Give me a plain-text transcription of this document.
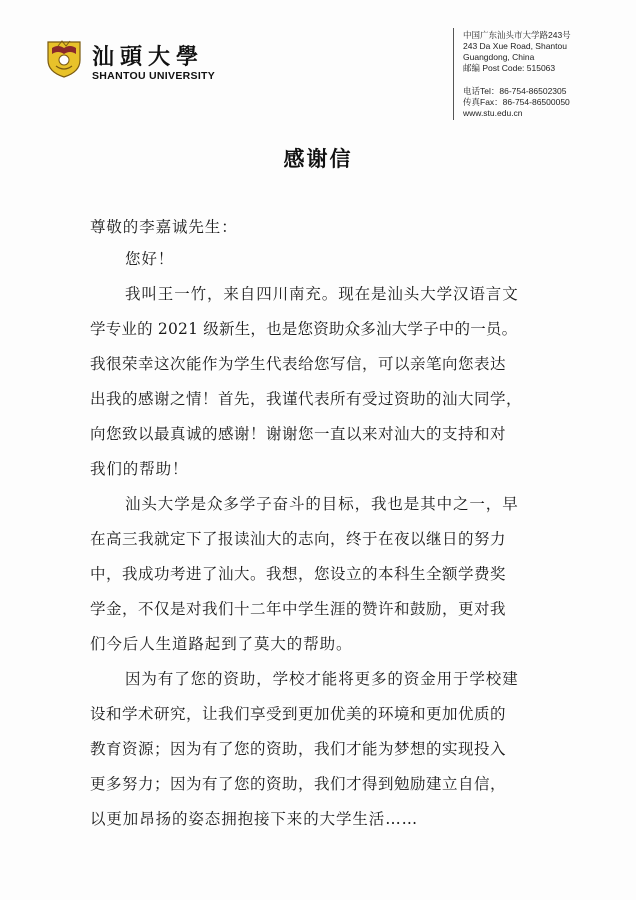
汕頭大學
SHANTOU UNIVERSITY
中国广东汕头市大学路243号
243 Da Xue Road, Shantou
Guangdong, China
邮编 Post Code: 515063
电话Tel：86-754-86502305
传真Fax：86-754-86500050
www.stu.edu.cn
感谢信
尊敬的李嘉诚先生：
您好！
我叫王一竹，来自四川南充。现在是汕头大学汉语言文
学专业的 2021 级新生，也是您资助众多汕大学子中的一员。
我很荣幸这次能作为学生代表给您写信，可以亲笔向您表达
出我的感谢之情！首先，我谨代表所有受过资助的汕大同学，
向您致以最真诚的感谢！谢谢您一直以来对汕大的支持和对
我们的帮助！
汕头大学是众多学子奋斗的目标，我也是其中之一，早
在高三我就定下了报读汕大的志向，终于在夜以继日的努力
中，我成功考进了汕大。我想，您设立的本科生全额学费奖
学金，不仅是对我们十二年中学生涯的赞许和鼓励，更对我
们今后人生道路起到了莫大的帮助。
因为有了您的资助，学校才能将更多的资金用于学校建
设和学术研究，让我们享受到更加优美的环境和更加优质的
教育资源；因为有了您的资助，我们才能为梦想的实现投入
更多努力；因为有了您的资助，我们才得到勉励建立自信，
以更加昂扬的姿态拥抱接下来的大学生活……
